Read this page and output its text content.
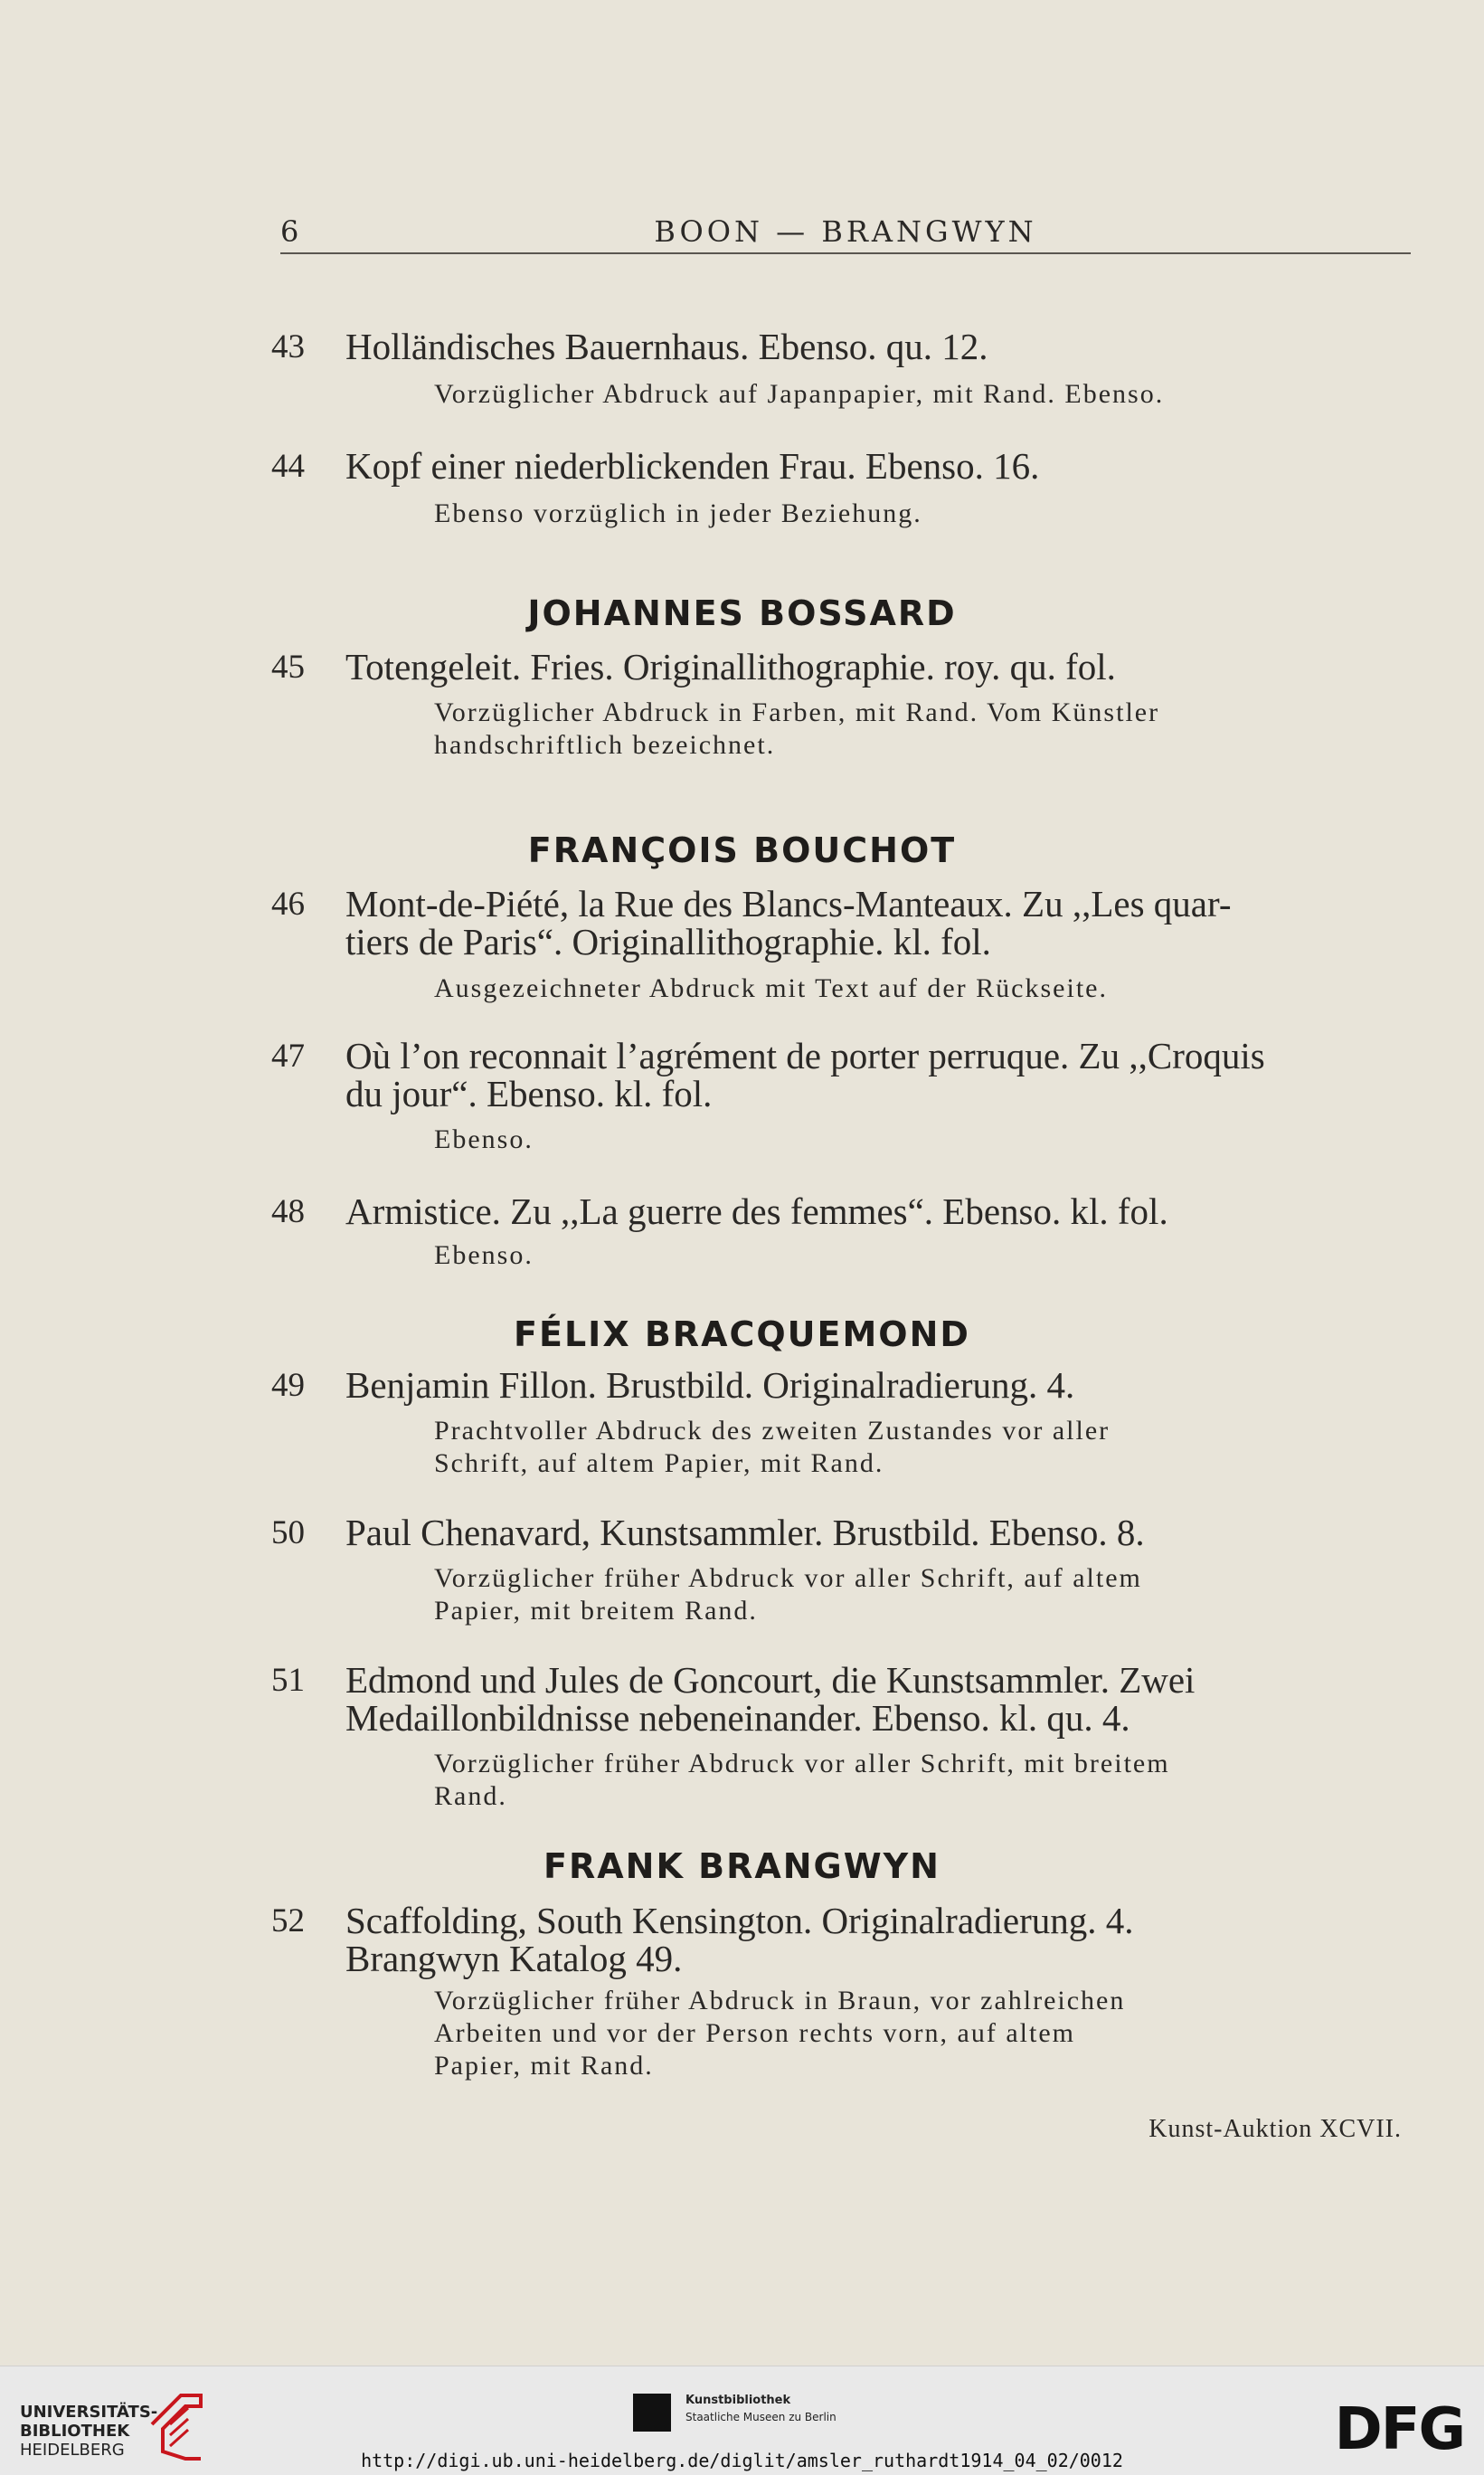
6	BOON — BRANGWYN
43	Holländisches Bauernhaus. Ebenso. qu. 12.
Vorzüglicher Abdruck auf Japanpapier, mit Rand. Ebenso.
44	Kopf einer niederblickenden Frau. Ebenso. 16.
Ebenso vorzüglich in jeder Beziehung.
JOHANNES BOSSARD
45	Totengeleit. Fries. Originallithographie. roy. qu. fol.
Vorzüglicher Abdruck in Farben, mit Rand. Vom Künstler
handschriftlich bezeichnet.
FRANÇOIS BOUCHOT
46	Mont-de-Piété, la Rue des Blancs-Manteaux. Zu ,,Les quar-
tiers de Paris“. Originallithographie. kl. fol.
Ausgezeichneter Abdruck mit Text auf der Rückseite.
47	Où l’on reconnait l’agrément de porter perruque. Zu ,,Croquis
du jour“. Ebenso. kl. fol.
Ebenso.
48	Armistice. Zu ,,La guerre des femmes“. Ebenso. kl. fol.
Ebenso.
FÉLIX BRACQUEMOND
49	Benjamin Fillon. Brustbild. Originalradierung. 4.
Prachtvoller Abdruck des zweiten Zustandes vor aller
Schrift, auf altem Papier, mit Rand.
50	Paul Chenavard, Kunstsammler. Brustbild. Ebenso. 8.
Vorzüglicher früher Abdruck vor aller Schrift, auf altem
Papier, mit breitem Rand.
51	Edmond und Jules de Goncourt, die Kunstsammler. Zwei
Medaillonbildnisse nebeneinander. Ebenso. kl. qu. 4.
Vorzüglicher früher Abdruck vor aller Schrift, mit breitem
Rand.
FRANK BRANGWYN
52	Scaffolding, South Kensington. Originalradierung. 4.
Brangwyn Katalog 49.
Vorzüglicher früher Abdruck in Braun, vor zahlreichen
Arbeiten und vor der Person rechts vorn, auf altem
Papier, mit Rand.
Kunst-Auktion XCVII.
UNIVERSITÄTS-
BIBLIOTHEK
HEIDELBERG
Kunstbibliothek
Staatliche Museen zu Berlin	DFG
http://digi.ub.uni-heidelberg.de/diglit/amsler_ruthardt1914_04_02/0012
